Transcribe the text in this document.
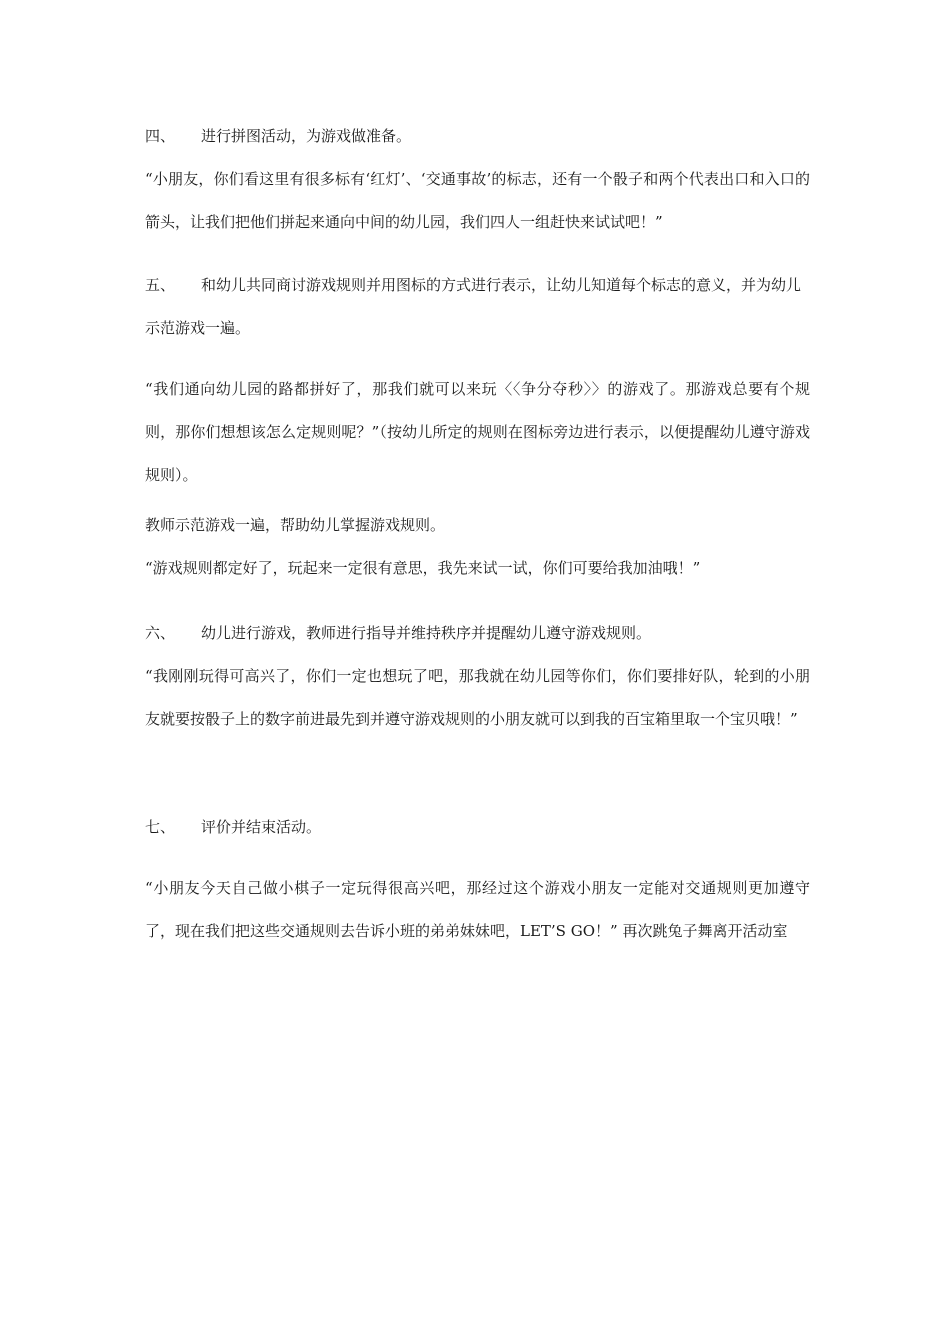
四、 进行拼图活动，为游戏做准备。
“小朋友，你们看这里有很多标有‘红灯’、‘交通事故’的标志，还有一个骰子和两个代表出口和入口的箭头，让我们把他们拼起来通向中间的幼儿园，我们四人一组赶快来试试吧！”
五、 和幼儿共同商讨游戏规则并用图标的方式进行表示，让幼儿知道每个标志的意义，并为幼儿示范游戏一遍。
“我们通向幼儿园的路都拼好了，那我们就可以来玩〈〈争分夺秒〉〉的游戏了。那游戏总要有个规则，那你们想想该怎么定规则呢？”（按幼儿所定的规则在图标旁边进行表示，以便提醒幼儿遵守游戏规则）。
教师示范游戏一遍，帮助幼儿掌握游戏规则。
“游戏规则都定好了，玩起来一定很有意思，我先来试一试，你们可要给我加油哦！”
六、 幼儿进行游戏，教师进行指导并维持秩序并提醒幼儿遵守游戏规则。
“我刚刚玩得可高兴了，你们一定也想玩了吧，那我就在幼儿园等你们，你们要排好队，轮到的小朋友就要按骰子上的数字前进最先到并遵守游戏规则的小朋友就可以到我的百宝箱里取一个宝贝哦！”
七、 评价并结束活动。
“小朋友今天自己做小棋子一定玩得很高兴吧，那经过这个游戏小朋友一定能对交通规则更加遵守了，现在我们把这些交通规则去告诉小班的弟弟妹妹吧，LET’S GO！” 再次跳兔子舞离开活动室
